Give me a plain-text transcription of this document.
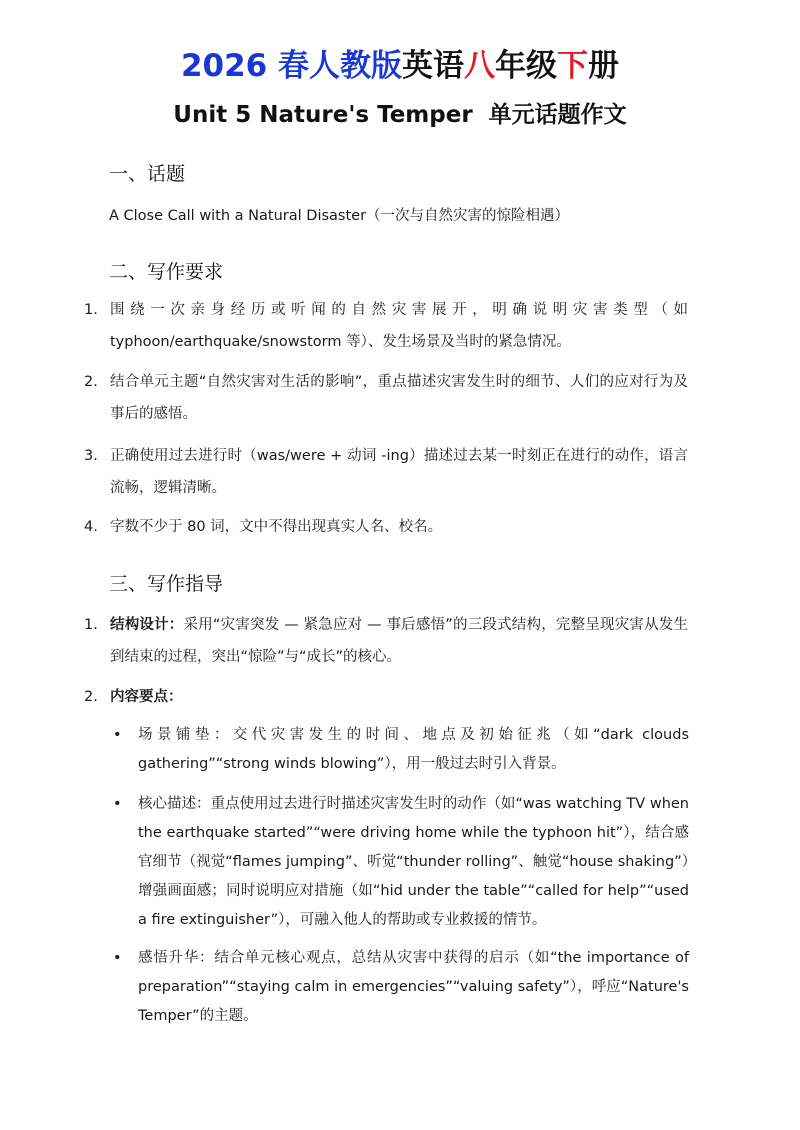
2026 春人教版英语八年级下册
Unit 5 Nature's Temper  单元话题作文
一、话题
A Close Call with a Natural Disaster（一次与自然灾害的惊险相遇）
二、写作要求
1. 围绕一次亲身经历或听闻的自然灾害展开，明确说明灾害类型（如 typhoon/earthquake/snowstorm 等）、发生场景及当时的紧急情况。
2. 结合单元主题“自然灾害对生活的影响”，重点描述灾害发生时的细节、人们的应对行为及事后的感悟。
3. 正确使用过去进行时（was/were + 动词 -ing）描述过去某一时刻正在进行的动作，语言流畅，逻辑清晰。
4. 字数不少于 80 词，文中不得出现真实人名、校名。
三、写作指导
1. 结构设计：采用“灾害突发 — 紧急应对 — 事后感悟”的三段式结构，完整呈现灾害从发生到结束的过程，突出“惊险”与“成长”的核心。
2. 内容要点：
• 场景铺垫：交代灾害发生的时间、地点及初始征兆（如“dark clouds gathering”“strong winds blowing”），用一般过去时引入背景。
• 核心描述：重点使用过去进行时描述灾害发生时的动作（如“was watching TV when the earthquake started”“were driving home while the typhoon hit”），结合感官细节（视觉“flames jumping”、听觉“thunder rolling”、触觉“house shaking”）增强画面感；同时说明应对措施（如“hid under the table”“called for help”“used a fire extinguisher”），可融入他人的帮助或专业救援的情节。
• 感悟升华：结合单元核心观点，总结从灾害中获得的启示（如“the importance of preparation”“staying calm in emergencies”“valuing safety”），呼应“Nature's Temper”的主题。
